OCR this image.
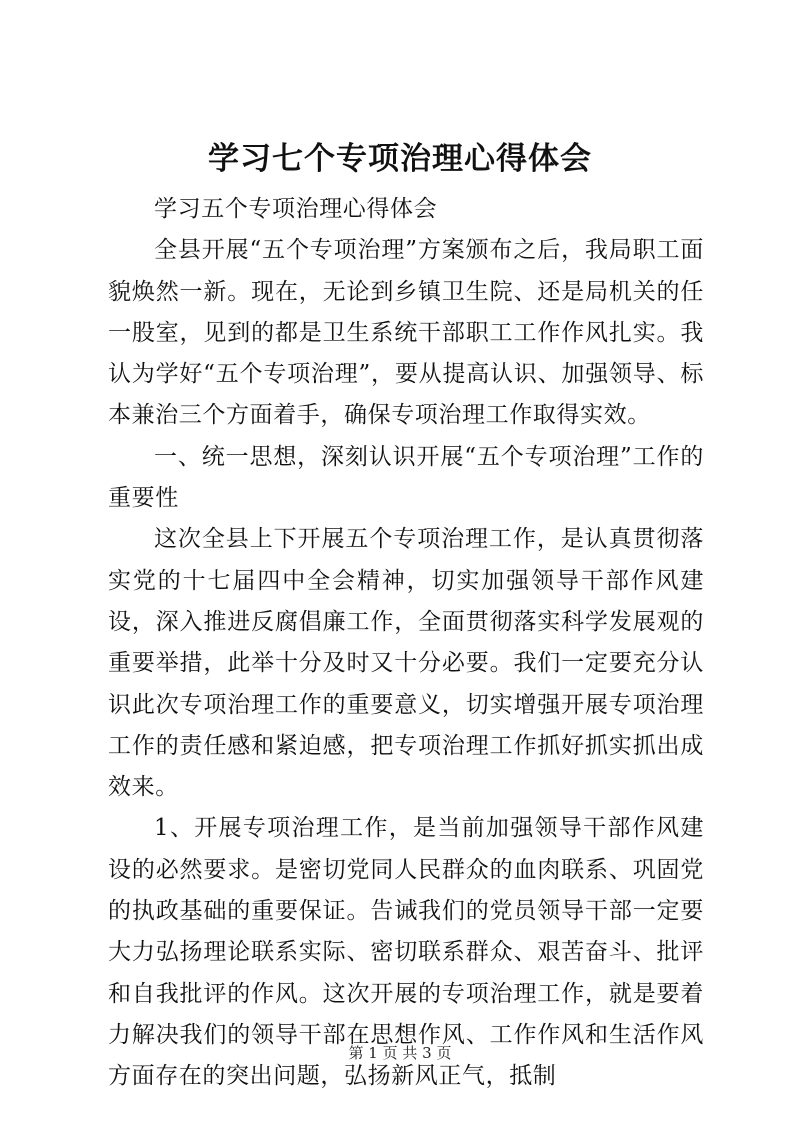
学习七个专项治理心得体会

学习五个专项治理心得体会

全县开展“五个专项治理”方案颁布之后，我局职工面貌焕然一新。现在，无论到乡镇卫生院、还是局机关的任一股室，见到的都是卫生系统干部职工工作作风扎实。我认为学好“五个专项治理”，要从提高认识、加强领导、标本兼治三个方面着手，确保专项治理工作取得实效。

一、统一思想，深刻认识开展“五个专项治理”工作的重要性

这次全县上下开展五个专项治理工作，是认真贯彻落实党的十七届四中全会精神，切实加强领导干部作风建设，深入推进反腐倡廉工作，全面贯彻落实科学发展观的重要举措，此举十分及时又十分必要。我们一定要充分认识此次专项治理工作的重要意义，切实增强开展专项治理工作的责任感和紧迫感，把专项治理工作抓好抓实抓出成效来。

1、开展专项治理工作，是当前加强领导干部作风建设的必然要求。是密切党同人民群众的血肉联系、巩固党的执政基础的重要保证。告诫我们的党员领导干部一定要大力弘扬理论联系实际、密切联系群众、艰苦奋斗、批评和自我批评的作风。这次开展的专项治理工作，就是要着力解决我们的领导干部在思想作风、工作作风和生活作风方面存在的突出问题，弘扬新风正气，抵制

第 1 页 共 3 页
